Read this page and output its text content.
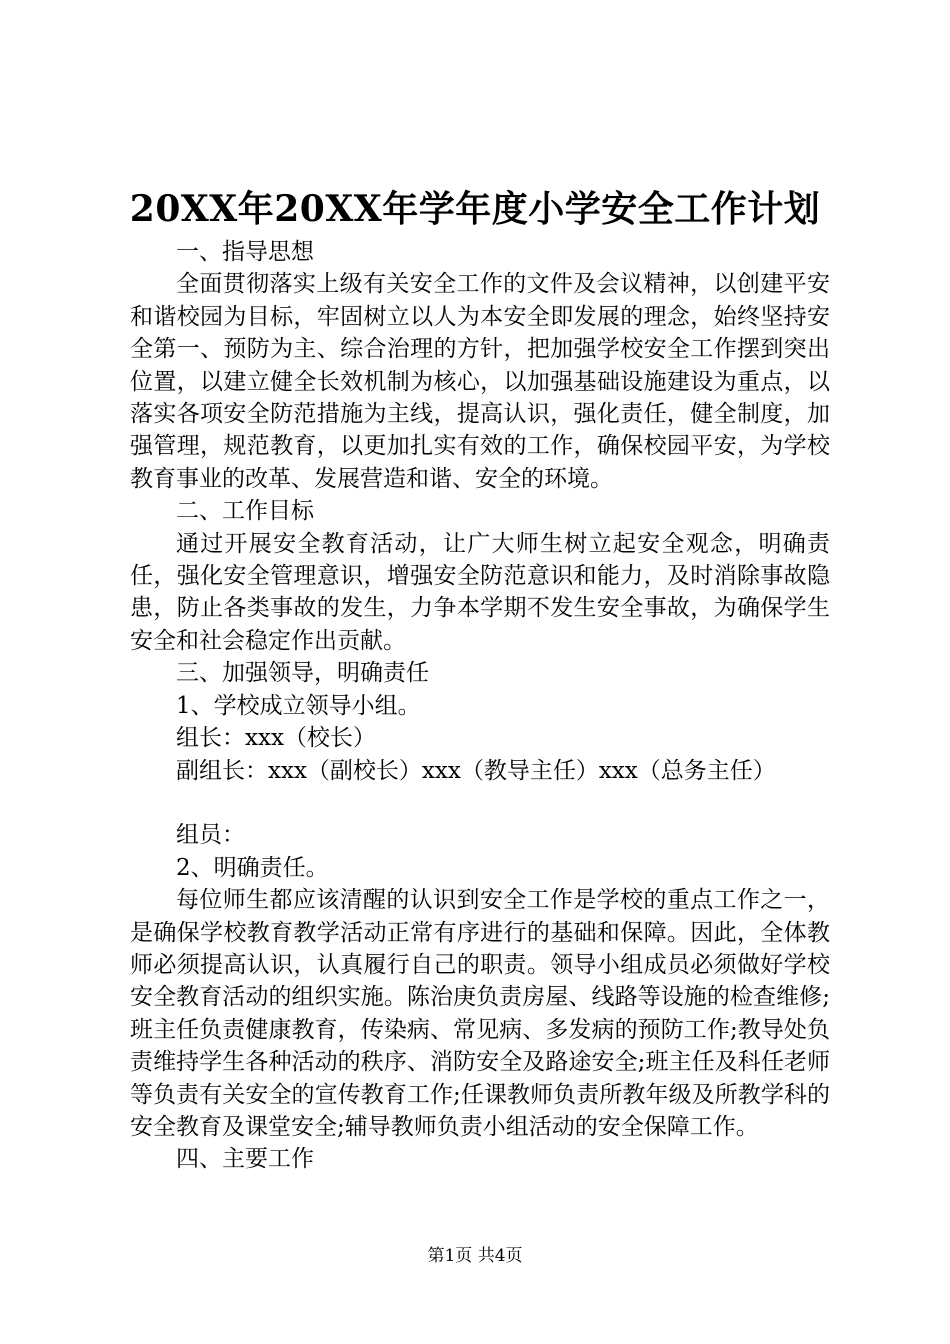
20XX年20XX年学年度小学安全工作计划

一、指导思想

全面贯彻落实上级有关安全工作的文件及会议精神，以创建平安和谐校园为目标，牢固树立以人为本安全即发展的理念，始终坚持安全第一、预防为主、综合治理的方针，把加强学校安全工作摆到突出位置，以建立健全长效机制为核心，以加强基础设施建设为重点，以落实各项安全防范措施为主线，提高认识，强化责任，健全制度，加强管理，规范教育，以更加扎实有效的工作，确保校园平安，为学校教育事业的改革、发展营造和谐、安全的环境。

二、工作目标

通过开展安全教育活动，让广大师生树立起安全观念，明确责任，强化安全管理意识，增强安全防范意识和能力，及时消除事故隐患，防止各类事故的发生，力争本学期不发生安全事故，为确保学生安全和社会稳定作出贡献。

三、加强领导，明确责任

1、学校成立领导小组。

组长：xxx（校长）

副组长：xxx（副校长）xxx（教导主任）xxx（总务主任）

组员：

2、明确责任。

每位师生都应该清醒的认识到安全工作是学校的重点工作之一，是确保学校教育教学活动正常有序进行的基础和保障。因此，全体教师必须提高认识，认真履行自己的职责。领导小组成员必须做好学校安全教育活动的组织实施。陈治庚负责房屋、线路等设施的检查维修;班主任负责健康教育，传染病、常见病、多发病的预防工作;教导处负责维持学生各种活动的秩序、消防安全及路途安全;班主任及科任老师等负责有关安全的宣传教育工作;任课教师负责所教年级及所教学科的安全教育及课堂安全;辅导教师负责小组活动的安全保障工作。

四、主要工作

第1页 共4页
